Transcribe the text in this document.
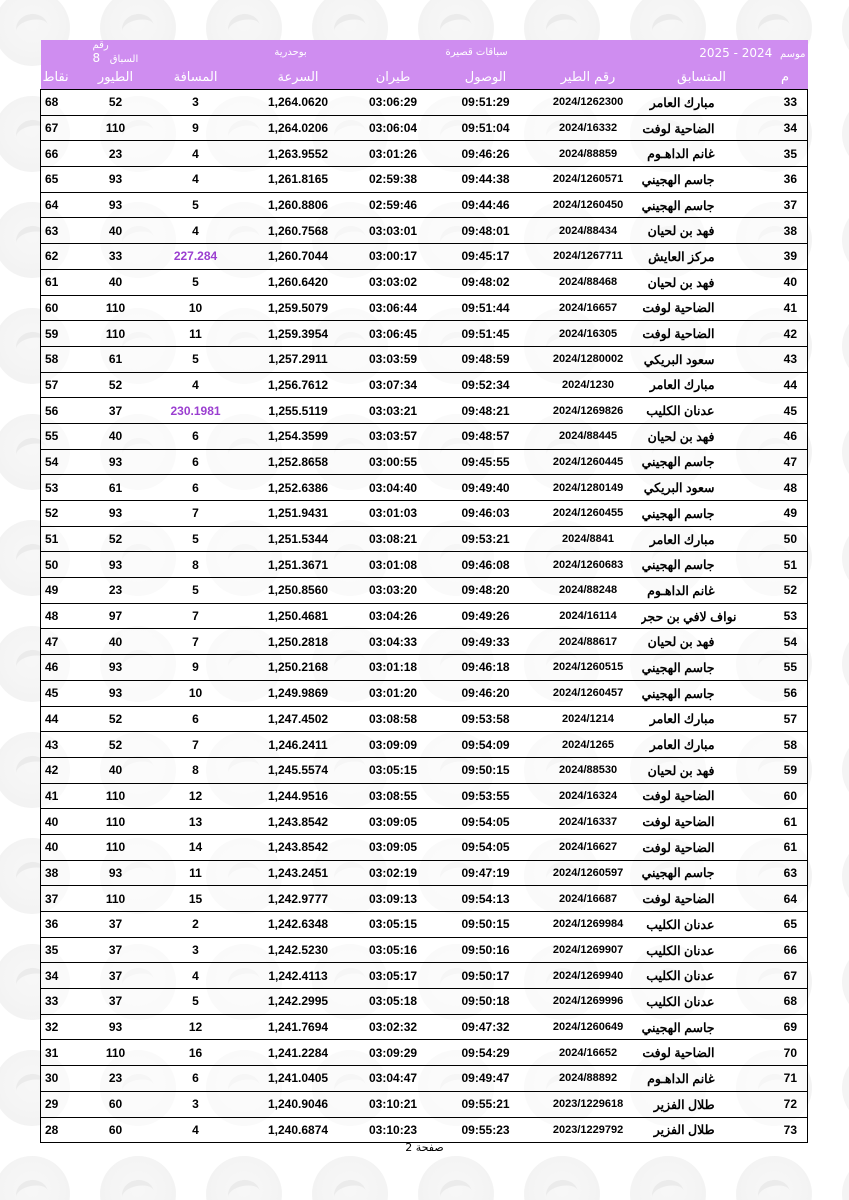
رقم السباق   8		بوحدرية			سباقات قصيرة		2025 - 2024 موسم	
نقاط	الطيور	المسافة	السرعة	طيران	الوصول	رقم الطير	المتسابق	م
68	52	3	1,264.0620	03:06:29	09:51:29	2024/1262300	مبارك العامر	33
67	110	9	1,264.0206	03:06:04	09:51:04	2024/16332	الضاحية لوفت	34
66	23	4	1,263.9552	03:01:26	09:46:26	2024/88859	غانم الداهـوم	35
65	93	4	1,261.8165	02:59:38	09:44:38	2024/1260571	جاسم الهجيني	36
64	93	5	1,260.8806	02:59:46	09:44:46	2024/1260450	جاسم الهجيني	37
63	40	4	1,260.7568	03:03:01	09:48:01	2024/88434	فهد بن لحيان	38
62	33	227.284	1,260.7044	03:00:17	09:45:17	2024/1267711	مركز العايش	39
61	40	5	1,260.6420	03:03:02	09:48:02	2024/88468	فهد بن لحيان	40
60	110	10	1,259.5079	03:06:44	09:51:44	2024/16657	الضاحية لوفت	41
59	110	11	1,259.3954	03:06:45	09:51:45	2024/16305	الضاحية لوفت	42
58	61	5	1,257.2911	03:03:59	09:48:59	2024/1280002	سعود البريكي	43
57	52	4	1,256.7612	03:07:34	09:52:34	2024/1230	مبارك العامر	44
56	37	230.1981	1,255.5119	03:03:21	09:48:21	2024/1269826	عدنان الكليب	45
55	40	6	1,254.3599	03:03:57	09:48:57	2024/88445	فهد بن لحيان	46
54	93	6	1,252.8658	03:00:55	09:45:55	2024/1260445	جاسم الهجيني	47
53	61	6	1,252.6386	03:04:40	09:49:40	2024/1280149	سعود البريكي	48
52	93	7	1,251.9431	03:01:03	09:46:03	2024/1260455	جاسم الهجيني	49
51	52	5	1,251.5344	03:08:21	09:53:21	2024/8841	مبارك العامر	50
50	93	8	1,251.3671	03:01:08	09:46:08	2024/1260683	جاسم الهجيني	51
49	23	5	1,250.8560	03:03:20	09:48:20	2024/88248	غانم الداهـوم	52
48	97	7	1,250.4681	03:04:26	09:49:26	2024/16114	نواف لافي بن حجر	53
47	40	7	1,250.2818	03:04:33	09:49:33	2024/88617	فهد بن لحيان	54
46	93	9	1,250.2168	03:01:18	09:46:18	2024/1260515	جاسم الهجيني	55
45	93	10	1,249.9869	03:01:20	09:46:20	2024/1260457	جاسم الهجيني	56
44	52	6	1,247.4502	03:08:58	09:53:58	2024/1214	مبارك العامر	57
43	52	7	1,246.2411	03:09:09	09:54:09	2024/1265	مبارك العامر	58
42	40	8	1,245.5574	03:05:15	09:50:15	2024/88530	فهد بن لحيان	59
41	110	12	1,244.9516	03:08:55	09:53:55	2024/16324	الضاحية لوفت	60
40	110	13	1,243.8542	03:09:05	09:54:05	2024/16337	الضاحية لوفت	61
40	110	14	1,243.8542	03:09:05	09:54:05	2024/16627	الضاحية لوفت	61
38	93	11	1,243.2451	03:02:19	09:47:19	2024/1260597	جاسم الهجيني	63
37	110	15	1,242.9777	03:09:13	09:54:13	2024/16687	الضاحية لوفت	64
36	37	2	1,242.6348	03:05:15	09:50:15	2024/1269984	عدنان الكليب	65
35	37	3	1,242.5230	03:05:16	09:50:16	2024/1269907	عدنان الكليب	66
34	37	4	1,242.4113	03:05:17	09:50:17	2024/1269940	عدنان الكليب	67
33	37	5	1,242.2995	03:05:18	09:50:18	2024/1269996	عدنان الكليب	68
32	93	12	1,241.7694	03:02:32	09:47:32	2024/1260649	جاسم الهجيني	69
31	110	16	1,241.2284	03:09:29	09:54:29	2024/16652	الضاحية لوفت	70
30	23	6	1,241.0405	03:04:47	09:49:47	2024/88892	غانم الداهـوم	71
29	60	3	1,240.9046	03:10:21	09:55:21	2023/1229618	طلال الفزير	72
28	60	4	1,240.6874	03:10:23	09:55:23	2023/1229792	طلال الفزير	73
صفحة 2
